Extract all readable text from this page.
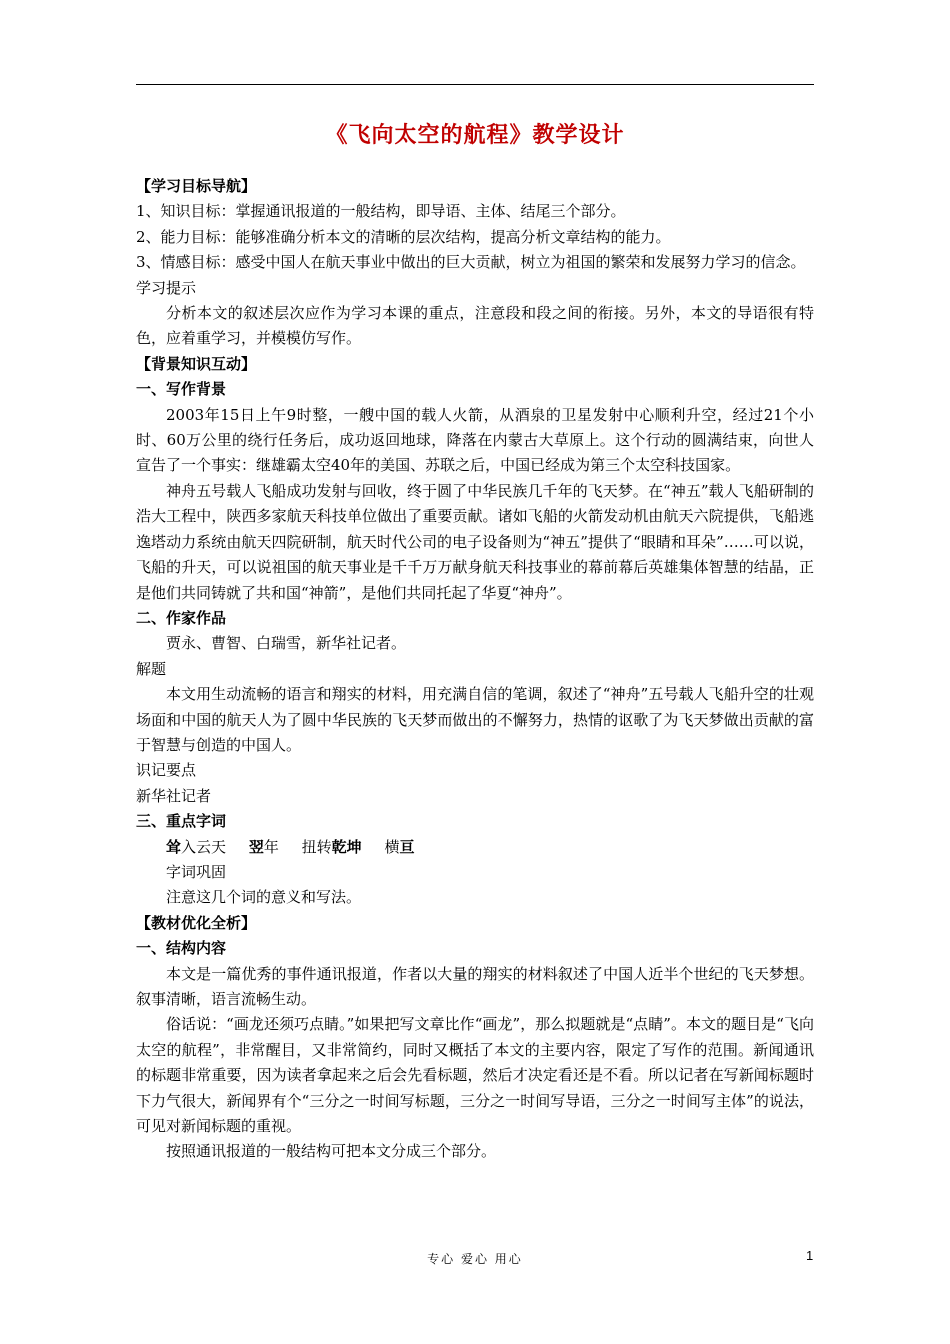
《飞向太空的航程》教学设计

【学习目标导航】

1、知识目标：掌握通讯报道的一般结构，即导语、主体、结尾三个部分。

2、能力目标：能够准确分析本文的清晰的层次结构，提高分析文章结构的能力。

3、情感目标：感受中国人在航天事业中做出的巨大贡献，树立为祖国的繁荣和发展努力学习的信念。

学习提示

分析本文的叙述层次应作为学习本课的重点，注意段和段之间的衔接。另外，本文的导语很有特色，应着重学习，并模模仿写作。

【背景知识互动】

一、写作背景

2003年15日上午9时整，一艘中国的载人火箭，从酒泉的卫星发射中心顺利升空，经过21个小时、60万公里的绕行任务后，成功返回地球，降落在内蒙古大草原上。这个行动的圆满结束，向世人宣告了一个事实：继雄霸太空40年的美国、苏联之后，中国已经成为第三个太空科技国家。

神舟五号载人飞船成功发射与回收，终于圆了中华民族几千年的飞天梦。在“神五”载人飞船研制的浩大工程中，陕西多家航天科技单位做出了重要贡献。诸如飞船的火箭发动机由航天六院提供，飞船逃逸塔动力系统由航天四院研制，航天时代公司的电子设备则为“神五”提供了“眼睛和耳朵”……可以说，飞船的升天，可以说祖国的航天事业是千千万万献身航天科技事业的幕前幕后英雄集体智慧的结晶，正是他们共同铸就了共和国“神箭”，是他们共同托起了华夏“神舟”。

二、作家作品

贾永、曹智、白瑞雪，新华社记者。

解题

本文用生动流畅的语言和翔实的材料，用充满自信的笔调，叙述了“神舟”五号载人飞船升空的壮观场面和中国的航天人为了圆中华民族的飞天梦而做出的不懈努力，热情的讴歌了为飞天梦做出贡献的富于智慧与创造的中国人。

识记要点

新华社记者

三、重点字词

耸入云天 翌年 扭转乾坤 横亘

字词巩固

注意这几个词的意义和写法。

【教材优化全析】

一、结构内容

本文是一篇优秀的事件通讯报道，作者以大量的翔实的材料叙述了中国人近半个世纪的飞天梦想。叙事清晰，语言流畅生动。

俗话说：“画龙还须巧点睛。”如果把写文章比作“画龙”，那么拟题就是“点睛”。本文的题目是“飞向太空的航程”，非常醒目，又非常简约，同时又概括了本文的主要内容，限定了写作的范围。新闻通讯的标题非常重要，因为读者拿起来之后会先看标题，然后才决定看还是不看。所以记者在写新闻标题时下力气很大，新闻界有个“三分之一时间写标题，三分之一时间写导语，三分之一时间写主体”的说法，可见对新闻标题的重视。

按照通讯报道的一般结构可把本文分成三个部分。

专心 爱心 用心	1
